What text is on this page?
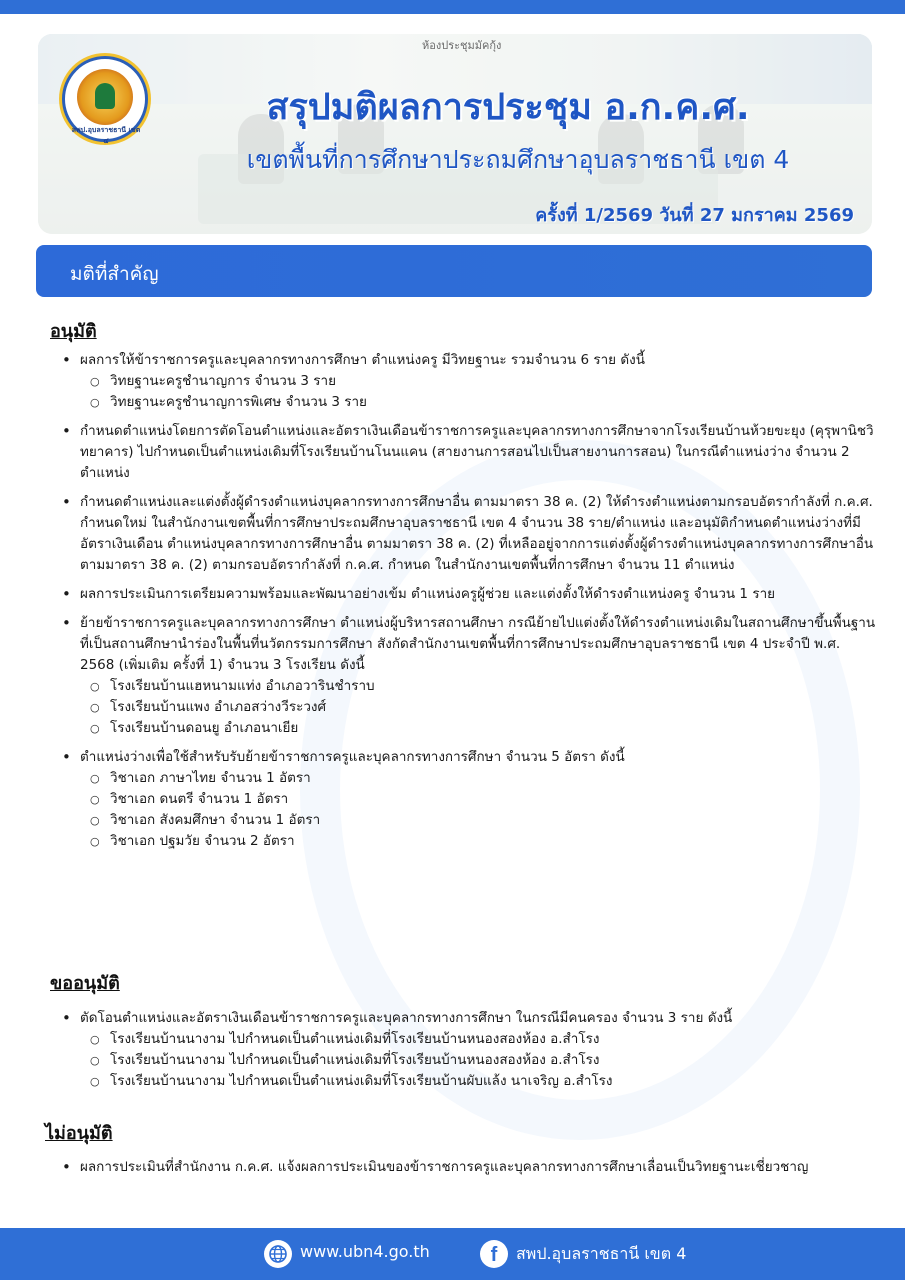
ห้องประชุมมัคกุ้ง
สพป.อุบลราชธานี เขต ๔
สรุปมติผลการประชุม อ.ก.ค.ศ.
เขตพื้นที่การศึกษาประถมศึกษาอุบลราชธานี เขต 4
ครั้งที่ 1/2569 วันที่ 27 มกราคม 2569
มติที่สำคัญ
อนุมัติ
• ผลการให้ข้าราชการครูและบุคลากรทางการศึกษา ตำแหน่งครู มีวิทยฐานะ รวมจำนวน 6 ราย ดังนี้
○ วิทยฐานะครูชำนาญการ จำนวน 3 ราย
○ วิทยฐานะครูชำนาญการพิเศษ จำนวน 3 ราย
• กำหนดตำแหน่งโดยการตัดโอนตำแหน่งและอัตราเงินเดือนข้าราชการครูและบุคลากรทางการศึกษาจากโรงเรียนบ้านห้วยขะยุง (คุรุพานิชวิทยาคาร) ไปกำหนดเป็นตำแหน่งเดิมที่โรงเรียนบ้านโนนแคน (สายงานการสอนไปเป็นสายงานการสอน) ในกรณีตำแหน่งว่าง จำนวน 2 ตำแหน่ง
• กำหนดตำแหน่งและแต่งตั้งผู้ดำรงตำแหน่งบุคลากรทางการศึกษาอื่น ตามมาตรา 38 ค. (2) ให้ดำรงตำแหน่งตามกรอบอัตรากำลังที่ ก.ค.ศ. กำหนดใหม่ ในสำนักงานเขตพื้นที่การศึกษาประถมศึกษาอุบลราชธานี เขต 4 จำนวน 38 ราย/ตำแหน่ง และอนุมัติกำหนดตำแหน่งว่างที่มีอัตราเงินเดือน ตำแหน่งบุคลากรทางการศึกษาอื่น ตามมาตรา 38 ค. (2) ที่เหลืออยู่จากการแต่งตั้งผู้ดำรงตำแหน่งบุคลากรทางการศึกษาอื่น ตามมาตรา 38 ค. (2) ตามกรอบอัตรากำลังที่ ก.ค.ศ. กำหนด ในสำนักงานเขตพื้นที่การศึกษา จำนวน 11 ตำแหน่ง
• ผลการประเมินการเตรียมความพร้อมและพัฒนาอย่างเข้ม ตำแหน่งครูผู้ช่วย และแต่งตั้งให้ดำรงตำแหน่งครู จำนวน 1 ราย
• ย้ายข้าราชการครูและบุคลากรทางการศึกษา ตำแหน่งผู้บริหารสถานศึกษา กรณีย้ายไปแต่งตั้งให้ดำรงตำแหน่งเดิมในสถานศึกษาขึ้นพื้นฐานที่เป็นสถานศึกษานำร่องในพื้นที่นวัตกรรมการศึกษา สังกัดสำนักงานเขตพื้นที่การศึกษาประถมศึกษาอุบลราชธานี เขต 4 ประจำปี พ.ศ. 2568 (เพิ่มเติม ครั้งที่ 1) จำนวน 3 โรงเรียน ดังนี้
○ โรงเรียนบ้านแฮหนามแท่ง อำเภอวารินชำราบ
○ โรงเรียนบ้านแพง อำเภอสว่างวีระวงศ์
○ โรงเรียนบ้านดอนยู อำเภอนาเยีย
• ตำแหน่งว่างเพื่อใช้สำหรับรับย้ายข้าราชการครูและบุคลากรทางการศึกษา จำนวน 5 อัตรา ดังนี้
○ วิชาเอก ภาษาไทย จำนวน 1 อัตรา
○ วิชาเอก ดนตรี จำนวน 1 อัตรา
○ วิชาเอก สังคมศึกษา จำนวน 1 อัตรา
○ วิชาเอก ปฐมวัย จำนวน 2 อัตรา
ขออนุมัติ
• ตัดโอนตำแหน่งและอัตราเงินเดือนข้าราชการครูและบุคลากรทางการศึกษา ในกรณีมีคนครอง จำนวน 3 ราย ดังนี้
○ โรงเรียนบ้านนางาม ไปกำหนดเป็นตำแหน่งเดิมที่โรงเรียนบ้านหนองสองห้อง อ.สำโรง
○ โรงเรียนบ้านนางาม ไปกำหนดเป็นตำแหน่งเดิมที่โรงเรียนบ้านหนองสองห้อง อ.สำโรง
○ โรงเรียนบ้านนางาม ไปกำหนดเป็นตำแหน่งเดิมที่โรงเรียนบ้านผับแล้ง นาเจริญ อ.สำโรง
ไม่อนุมัติ
• ผลการประเมินที่สำนักงาน ก.ค.ศ. แจ้งผลการประเมินของข้าราชการครูและบุคลากรทางการศึกษาเลื่อนเป็นวิทยฐานะเชี่ยวชาญ
www.ubn4.go.th	f	สพป.อุบลราชธานี เขต 4
